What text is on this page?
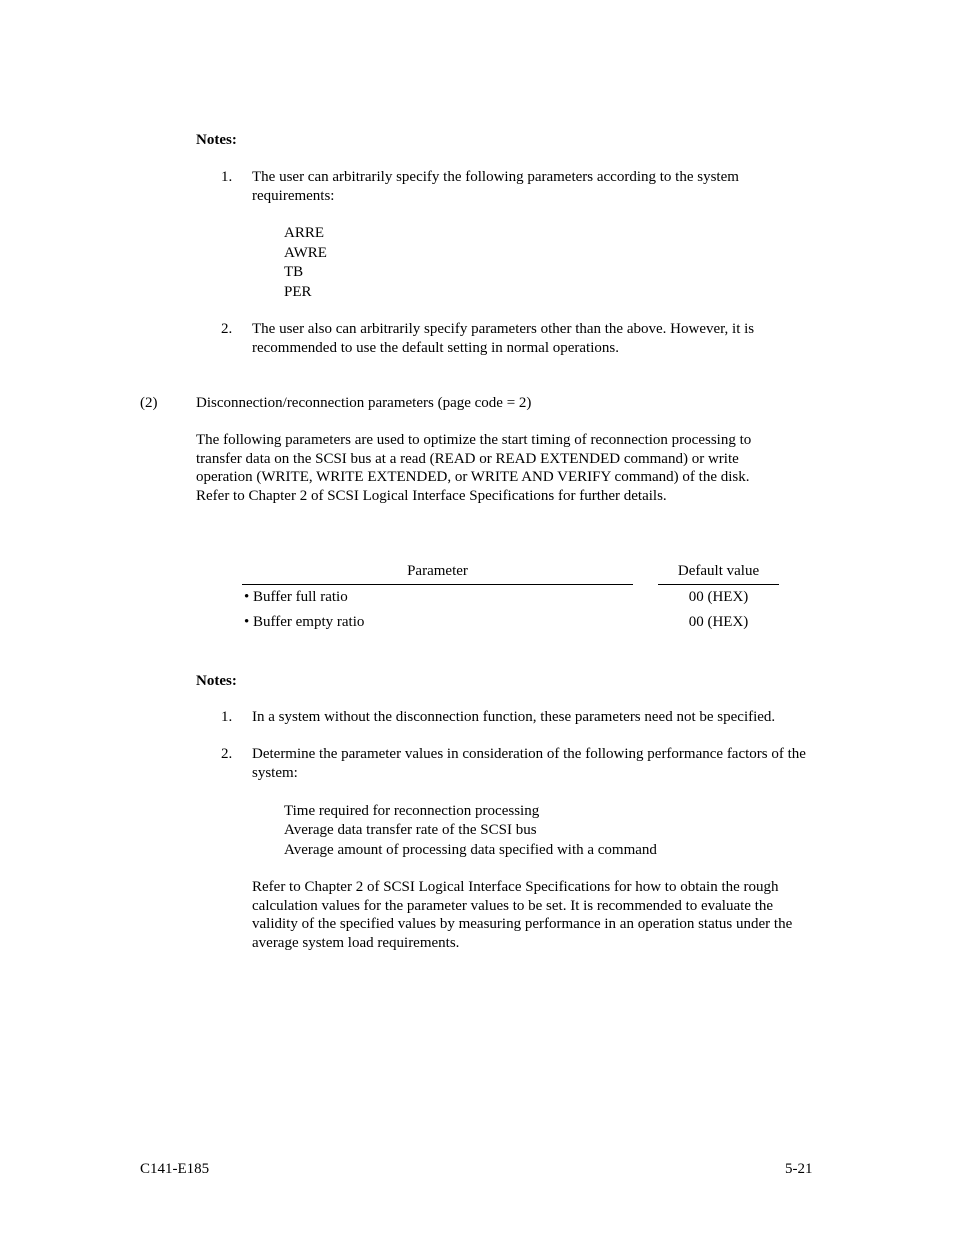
Notes:
1. The user can arbitrarily specify the following parameters according to the system requirements:
ARRE
AWRE
TB
PER
2. The user also can arbitrarily specify parameters other than the above. However, it is recommended to use the default setting in normal operations.
(2)	Disconnection/reconnection parameters (page code = 2)
The following parameters are used to optimize the start timing of reconnection processing to transfer data on the SCSI bus at a read (READ or READ EXTENDED command) or write operation (WRITE, WRITE EXTENDED, or WRITE AND VERIFY command) of the disk. Refer to Chapter 2 of SCSI Logical Interface Specifications for further details.
Parameter	Default value
• Buffer full ratio	00 (HEX)
• Buffer empty ratio	00 (HEX)
Notes:
1. In a system without the disconnection function, these parameters need not be specified.
2. Determine the parameter values in consideration of the following performance factors of the system:
Time required for reconnection processing
Average data transfer rate of the SCSI bus
Average amount of processing data specified with a command
Refer to Chapter 2 of SCSI Logical Interface Specifications for how to obtain the rough calculation values for the parameter values to be set. It is recommended to evaluate the validity of the specified values by measuring performance in an operation status under the average system load requirements.
C141-E185	5-21
